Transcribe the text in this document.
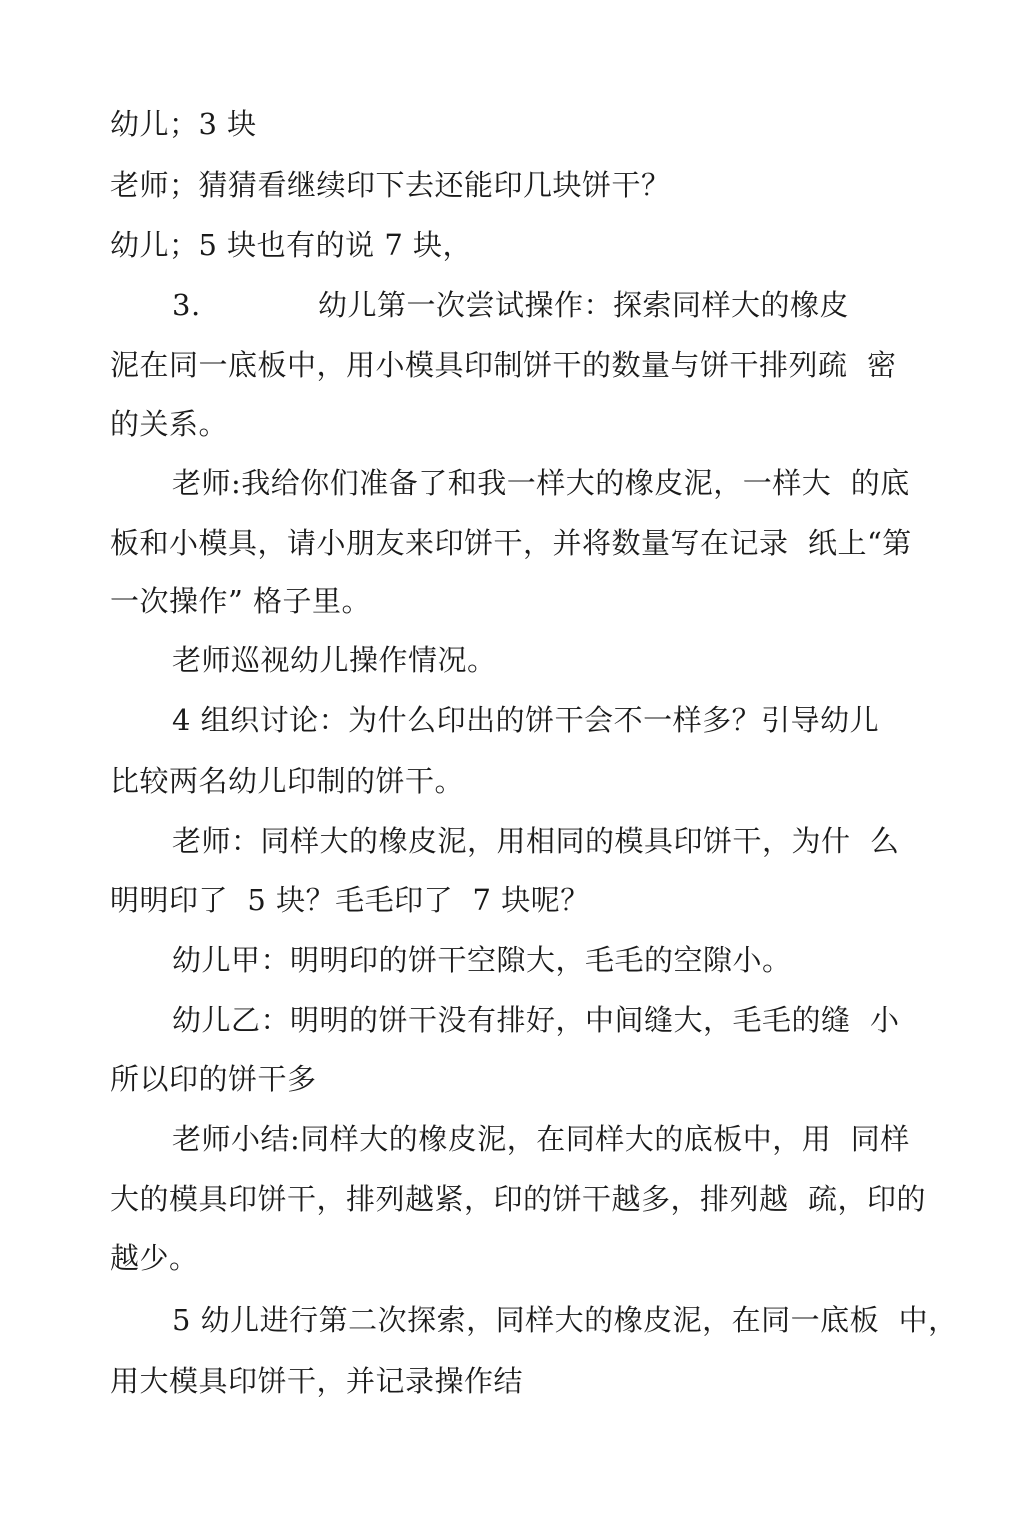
幼儿；3 块
老师；猜猜看继续印下去还能印几块饼干？
幼儿；5 块也有的说 7 块，
3.	幼儿第一次尝试操作：探索同样大的橡皮
泥在同一底板中，用小模具印制饼干的数量与饼干排列疏  密
的关系。
老师:我给你们准备了和我一样大的橡皮泥，一样大  的底
板和小模具，请小朋友来印饼干，并将数量写在记录  纸上“第
一次操作” 格子里。
老师巡视幼儿操作情况。
4 组织讨论：为什么印出的饼干会不一样多？引导幼儿
比较两名幼儿印制的饼干。
老师：同样大的橡皮泥，用相同的模具印饼干，为什  么
明明印了  5 块？毛毛印了  7 块呢？
幼儿甲：明明印的饼干空隙大，毛毛的空隙小。
幼儿乙：明明的饼干没有排好，中间缝大，毛毛的缝  小
所以印的饼干多
老师小结:同样大的橡皮泥，在同样大的底板中，用  同样
大的模具印饼干，排列越紧，印的饼干越多，排列越  疏，印的
越少。
5 幼儿进行第二次探索，同样大的橡皮泥，在同一底板  中，
用大模具印饼干，并记录操作结
